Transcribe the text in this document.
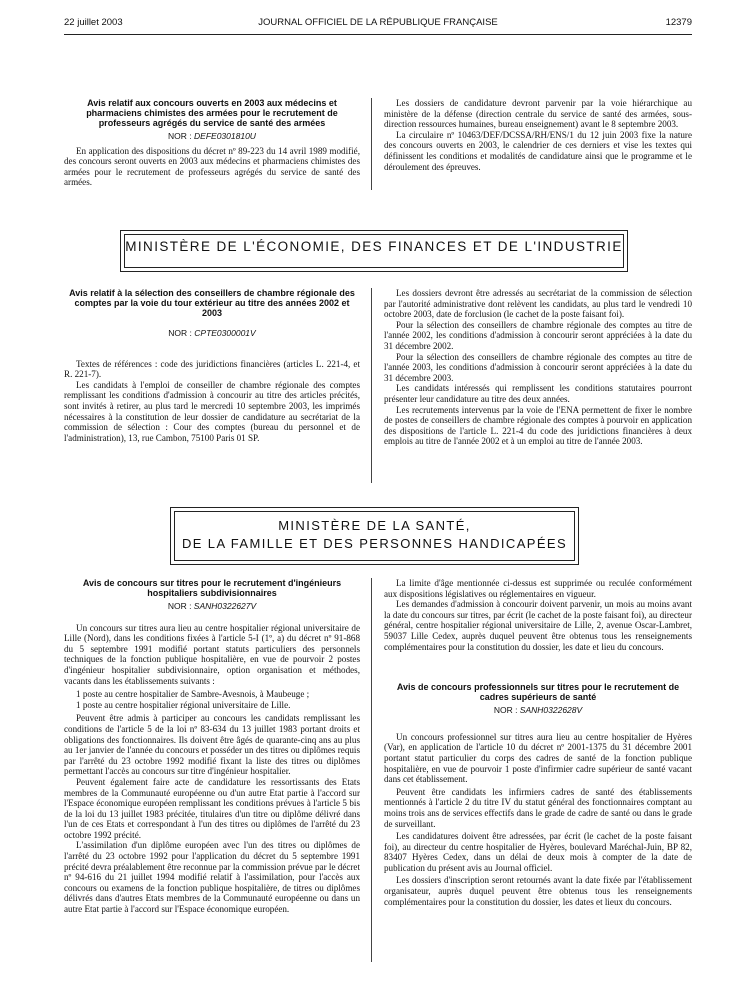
22 juillet 2003	JOURNAL OFFICIEL DE LA RÉPUBLIQUE FRANÇAISE	12379
Avis relatif aux concours ouverts en 2003 aux médecins et pharmaciens chimistes des armées pour le recrutement de professeurs agrégés du service de santé des armées
NOR : DEFE0301810U

En application des dispositions du décret nº 89-223 du 14 avril 1989 modifié, des concours seront ouverts en 2003 aux médecins et pharmaciens chimistes des armées pour le recrutement de professeurs agrégés du service de santé des armées.

Les dossiers de candidature devront parvenir par la voie hiérarchique au ministère de la défense (direction centrale du service de santé des armées, sous-direction ressources humaines, bureau enseignement) avant le 8 septembre 2003.

La circulaire nº 10463/DEF/DCSSA/RH/ENS/1 du 12 juin 2003 fixe la nature des concours ouverts en 2003, le calendrier de ces derniers et vise les textes qui définissent les conditions et modalités de candidature ainsi que le programme et le déroulement des épreuves.

MINISTÈRE DE L'ÉCONOMIE, DES FINANCES ET DE L'INDUSTRIE
Avis relatif à la sélection des conseillers de chambre régionale des comptes par la voie du tour extérieur au titre des années 2002 et 2003
NOR : CPTE0300001V

Textes de références : code des juridictions financières (articles L. 221-4, et R. 221-7).

Les candidats à l'emploi de conseiller de chambre régionale des comptes remplissant les conditions d'admission à concourir au titre des articles précités, sont invités à retirer, au plus tard le mercredi 10 septembre 2003, les imprimés nécessaires à la constitution de leur dossier de candidature au secrétariat de la commission de sélection : Cour des comptes (bureau du personnel et de l'administration), 13, rue Cambon, 75100 Paris 01 SP.

Les dossiers devront être adressés au secrétariat de la commission de sélection par l'autorité administrative dont relèvent les candidats, au plus tard le vendredi 10 octobre 2003, date de forclusion (le cachet de la poste faisant foi).

Pour la sélection des conseillers de chambre régionale des comptes au titre de l'année 2002, les conditions d'admission à concourir seront appréciées à la date du 31 décembre 2002.

Pour la sélection des conseillers de chambre régionale des comptes au titre de l'année 2003, les conditions d'admission à concourir seront appréciées à la date du 31 décembre 2003.

Les candidats intéressés qui remplissent les conditions statutaires pourront présenter leur candidature au titre des deux années.

Les recrutements intervenus par la voie de l'ENA permettent de fixer le nombre de postes de conseillers de chambre régionale des comptes à pourvoir en application des dispositions de l'article L. 221-4 du code des juridictions financières à deux emplois au titre de l'année 2002 et à un emploi au titre de l'année 2003.

MINISTÈRE DE LA SANTÉ,
DE LA FAMILLE ET DES PERSONNES HANDICAPÉES
Avis de concours sur titres pour le recrutement d'ingénieurs hospitaliers subdivisionnaires
NOR : SANH0322627V

Un concours sur titres aura lieu au centre hospitalier régional universitaire de Lille (Nord), dans les conditions fixées à l'article 5-I (1º, a) du décret nº 91-868 du 5 septembre 1991 modifié portant statuts particuliers des personnels techniques de la fonction publique hospitalière, en vue de pourvoir 2 postes d'ingénieur hospitalier subdivisionnaire, option organisation et méthodes, vacants dans les établissements suivants :

1 poste au centre hospitalier de Sambre-Avesnois, à Maubeuge ;

1 poste au centre hospitalier régional universitaire de Lille.

Peuvent être admis à participer au concours les candidats remplissant les conditions de l'article 5 de la loi nº 83-634 du 13 juillet 1983 portant droits et obligations des fonctionnaires. Ils doivent être âgés de quarante-cinq ans au plus au 1er janvier de l'année du concours et posséder un des titres ou diplômes requis par l'arrêté du 23 octobre 1992 modifié fixant la liste des titres ou diplômes permettant l'accès au concours sur titre d'ingénieur hospitalier.

Peuvent également faire acte de candidature les ressortissants des Etats membres de la Communauté européenne ou d'un autre Etat partie à l'accord sur l'Espace économique européen remplissant les conditions prévues à l'article 5 bis de la loi du 13 juillet 1983 précitée, titulaires d'un titre ou diplôme délivré dans l'un de ces Etats et correspondant à l'un des titres ou diplômes de l'arrêté du 23 octobre 1992 précité.

L'assimilation d'un diplôme européen avec l'un des titres ou diplômes de l'arrêté du 23 octobre 1992 pour l'application du décret du 5 septembre 1991 précité devra préalablement être reconnue par la commission prévue par le décret nº 94-616 du 21 juillet 1994 modifié relatif à l'assimilation, pour l'accès aux concours ou examens de la fonction publique hospitalière, de titres ou diplômes délivrés dans d'autres Etats membres de la Communauté européenne ou dans un autre Etat partie à l'accord sur l'Espace économique européen.

La limite d'âge mentionnée ci-dessus est supprimée ou reculée conformément aux dispositions législatives ou réglementaires en vigueur.

Les demandes d'admission à concourir doivent parvenir, un mois au moins avant la date du concours sur titres, par écrit (le cachet de la poste faisant foi), au directeur général, centre hospitalier régional universitaire de Lille, 2, avenue Oscar-Lambret, 59037 Lille Cedex, auprès duquel peuvent être obtenus tous les renseignements complémentaires pour la constitution du dossier, les date et lieu du concours.

Avis de concours professionnels sur titres pour le recrutement de cadres supérieurs de santé
NOR : SANH0322628V

Un concours professionnel sur titres aura lieu au centre hospitalier de Hyères (Var), en application de l'article 10 du décret nº 2001-1375 du 31 décembre 2001 portant statut particulier du corps des cadres de santé de la fonction publique hospitalière, en vue de pourvoir 1 poste d'infirmier cadre supérieur de santé vacant dans cet établissement.

Peuvent être candidats les infirmiers cadres de santé des établissements mentionnés à l'article 2 du titre IV du statut général des fonctionnaires comptant au moins trois ans de services effectifs dans le grade de cadre de santé ou dans le grade de surveillant.

Les candidatures doivent être adressées, par écrit (le cachet de la poste faisant foi), au directeur du centre hospitalier de Hyères, boulevard Maréchal-Juin, BP 82, 83407 Hyères Cedex, dans un délai de deux mois à compter de la date de publication du présent avis au Journal officiel.

Les dossiers d'inscription seront retournés avant la date fixée par l'établissement organisateur, auprès duquel peuvent être obtenus tous les renseignements complémentaires pour la constitution du dossier, les dates et lieux du concours.
